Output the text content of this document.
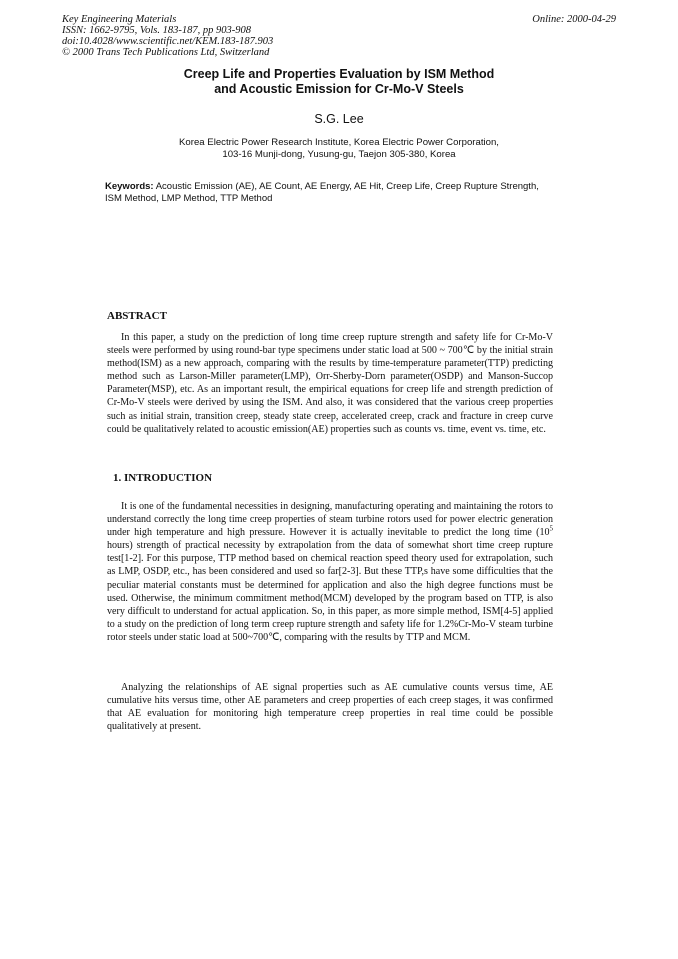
Key Engineering Materials
ISSN: 1662-9795, Vols. 183-187, pp 903-908
doi:10.4028/www.scientific.net/KEM.183-187.903
© 2000 Trans Tech Publications Ltd, Switzerland
Online: 2000-04-29
Creep Life and Properties Evaluation by ISM Method
and Acoustic Emission for Cr-Mo-V Steels
S.G. Lee
Korea Electric Power Research Institute, Korea Electric Power Corporation,
103-16 Munji-dong, Yusung-gu, Taejon 305-380, Korea
Keywords: Acoustic Emission (AE), AE Count, AE Energy, AE Hit, Creep Life, Creep Rupture Strength, ISM Method, LMP Method, TTP Method
ABSTRACT
In this paper, a study on the prediction of long time creep rupture strength and safety life for Cr-Mo-V steels were performed by using round-bar type specimens under static load at 500 ~ 700℃ by the initial strain method(ISM) as a new approach, comparing with the results by time-temperature parameter(TTP) predicting method such as Larson-Miller parameter(LMP), Orr-Sherby-Dorn parameter(OSDP) and Manson-Succop Parameter(MSP), etc. As an important result, the empirical equations for creep life and strength prediction of Cr-Mo-V steels were derived by using the ISM. And also, it was considered that the various creep properties such as initial strain, transition creep, steady state creep, accelerated creep, crack and fracture in creep curve could be qualitatively related to acoustic emission(AE) properties such as counts vs. time, event vs. time, etc.
1. INTRODUCTION
It is one of the fundamental necessities in designing, manufacturing operating and maintaining the rotors to understand correctly the long time creep properties of steam turbine rotors used for power electric generation under high temperature and high pressure. However it is actually inevitable to predict the long time ($10^5$ hours) strength of practical necessity by extrapolation from the data of somewhat short time creep rupture test[1-2]. For this purpose, TTP method based on chemical reaction speed theory used for extrapolation, such as LMP, OSDP, etc., has been considered and used so far[2-3]. But these TTP,s have some difficulties that the peculiar material constants must be determined for application and also the high degree functions must be used. Otherwise, the minimum commitment method(MCM) developed by the program based on TTP, is also very difficult to understand for actual application. So, in this paper, as more simple method, ISM[4-5] applied to a study on the prediction of long term creep rupture strength and safety life for 1.2%Cr-Mo-V steam turbine rotor steels under static load at 500~700℃, comparing with the results by TTP and MCM.
Analyzing the relationships of AE signal properties such as AE cumulative counts versus time, AE cumulative hits versus time, other AE parameters and creep properties of each creep stages, it was confirmed that AE evaluation for monitoring high temperature creep properties in real time could be possible qualitatively at present.
